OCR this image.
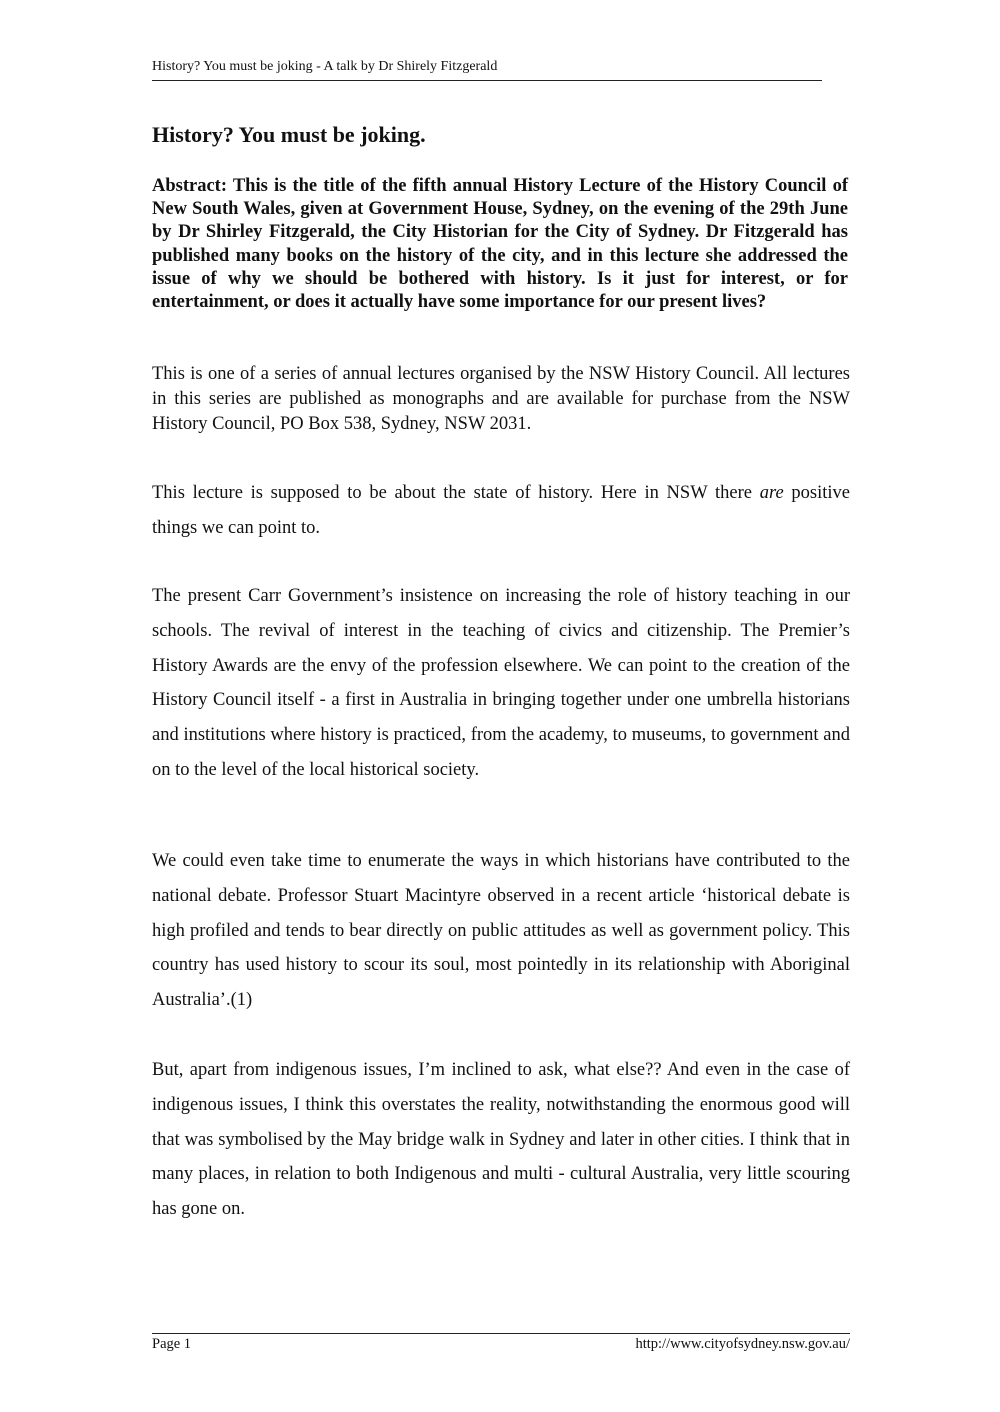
History? You must be joking - A talk by Dr Shirely Fitzgerald
History? You must be joking.

Abstract: This is the title of the fifth annual History Lecture of the History Council of New South Wales, given at Government House, Sydney, on the evening of the 29th June by Dr Shirley Fitzgerald, the City Historian for the City of Sydney. Dr Fitzgerald has published many books on the history of the city, and in this lecture she addressed the issue of why we should be bothered with history. Is it just for interest, or for entertainment, or does it actually have some importance for our present lives?

This is one of a series of annual lectures organised by the NSW History Council. All lectures in this series are published as monographs and are available for purchase from the NSW History Council, PO Box 538, Sydney, NSW 2031.

This lecture is supposed to be about the state of history. Here in NSW there are positive things we can point to.

The present Carr Government’s insistence on increasing the role of history teaching in our schools. The revival of interest in the teaching of civics and citizenship. The Premier’s History Awards are the envy of the profession elsewhere. We can point to the creation of the History Council itself - a first in Australia in bringing together under one umbrella historians and institutions where history is practiced, from the academy, to museums, to government and on to the level of the local historical society.

We could even take time to enumerate the ways in which historians have contributed to the national debate. Professor Stuart Macintyre observed in a recent article ‘historical debate is high profiled and tends to bear directly on public attitudes as well as government policy. This country has used history to scour its soul, most pointedly in its relationship with Aboriginal Australia’.(1)

But, apart from indigenous issues, I’m inclined to ask, what else?? And even in the case of indigenous issues, I think this overstates the reality, notwithstanding the enormous good will that was symbolised by the May bridge walk in Sydney and later in other cities. I think that in many places, in relation to both Indigenous and multi - cultural Australia, very little scouring has gone on.

Page 1	http://www.cityofsydney.nsw.gov.au/
